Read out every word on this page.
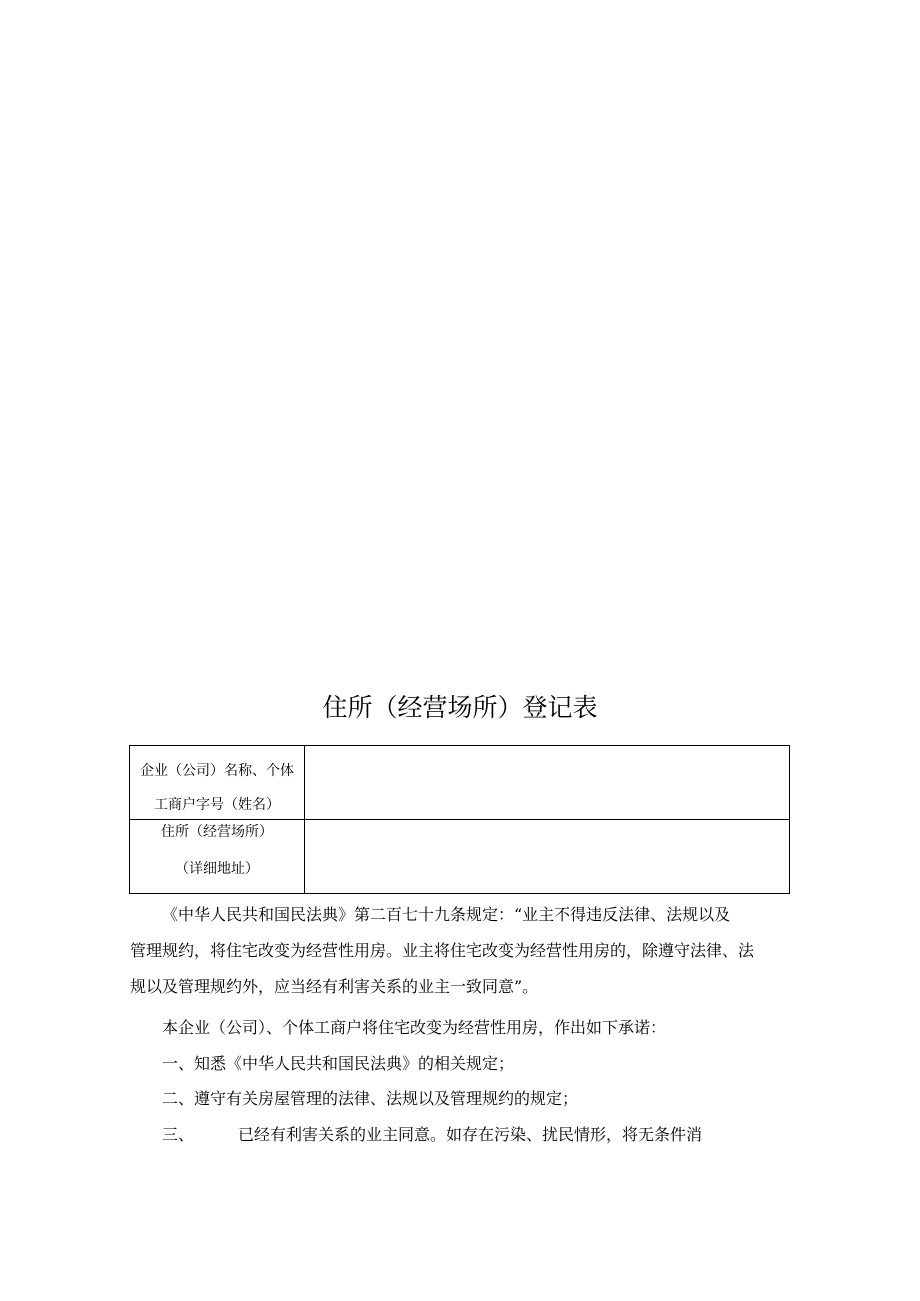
住所（经营场所）登记表
企业（公司）名称、个体
工商户字号（姓名）	

住所（经营场所）
（详细地址）	

《中华人民共和国民法典》第二百七十九条规定：“业主不得违反法律、法规以及
管理规约，将住宅改变为经营性用房。业主将住宅改变为经营性用房的，除遵守法律、法
规以及管理规约外，应当经有利害关系的业主一致同意”。
本企业（公司）、个体工商户将住宅改变为经营性用房，作出如下承诺：
一、知悉《中华人民共和国民法典》的相关规定；
二、遵守有关房屋管理的法律、法规以及管理规约的规定；
三、	已经有利害关系的业主同意。如存在污染、扰民情形，将无条件消
